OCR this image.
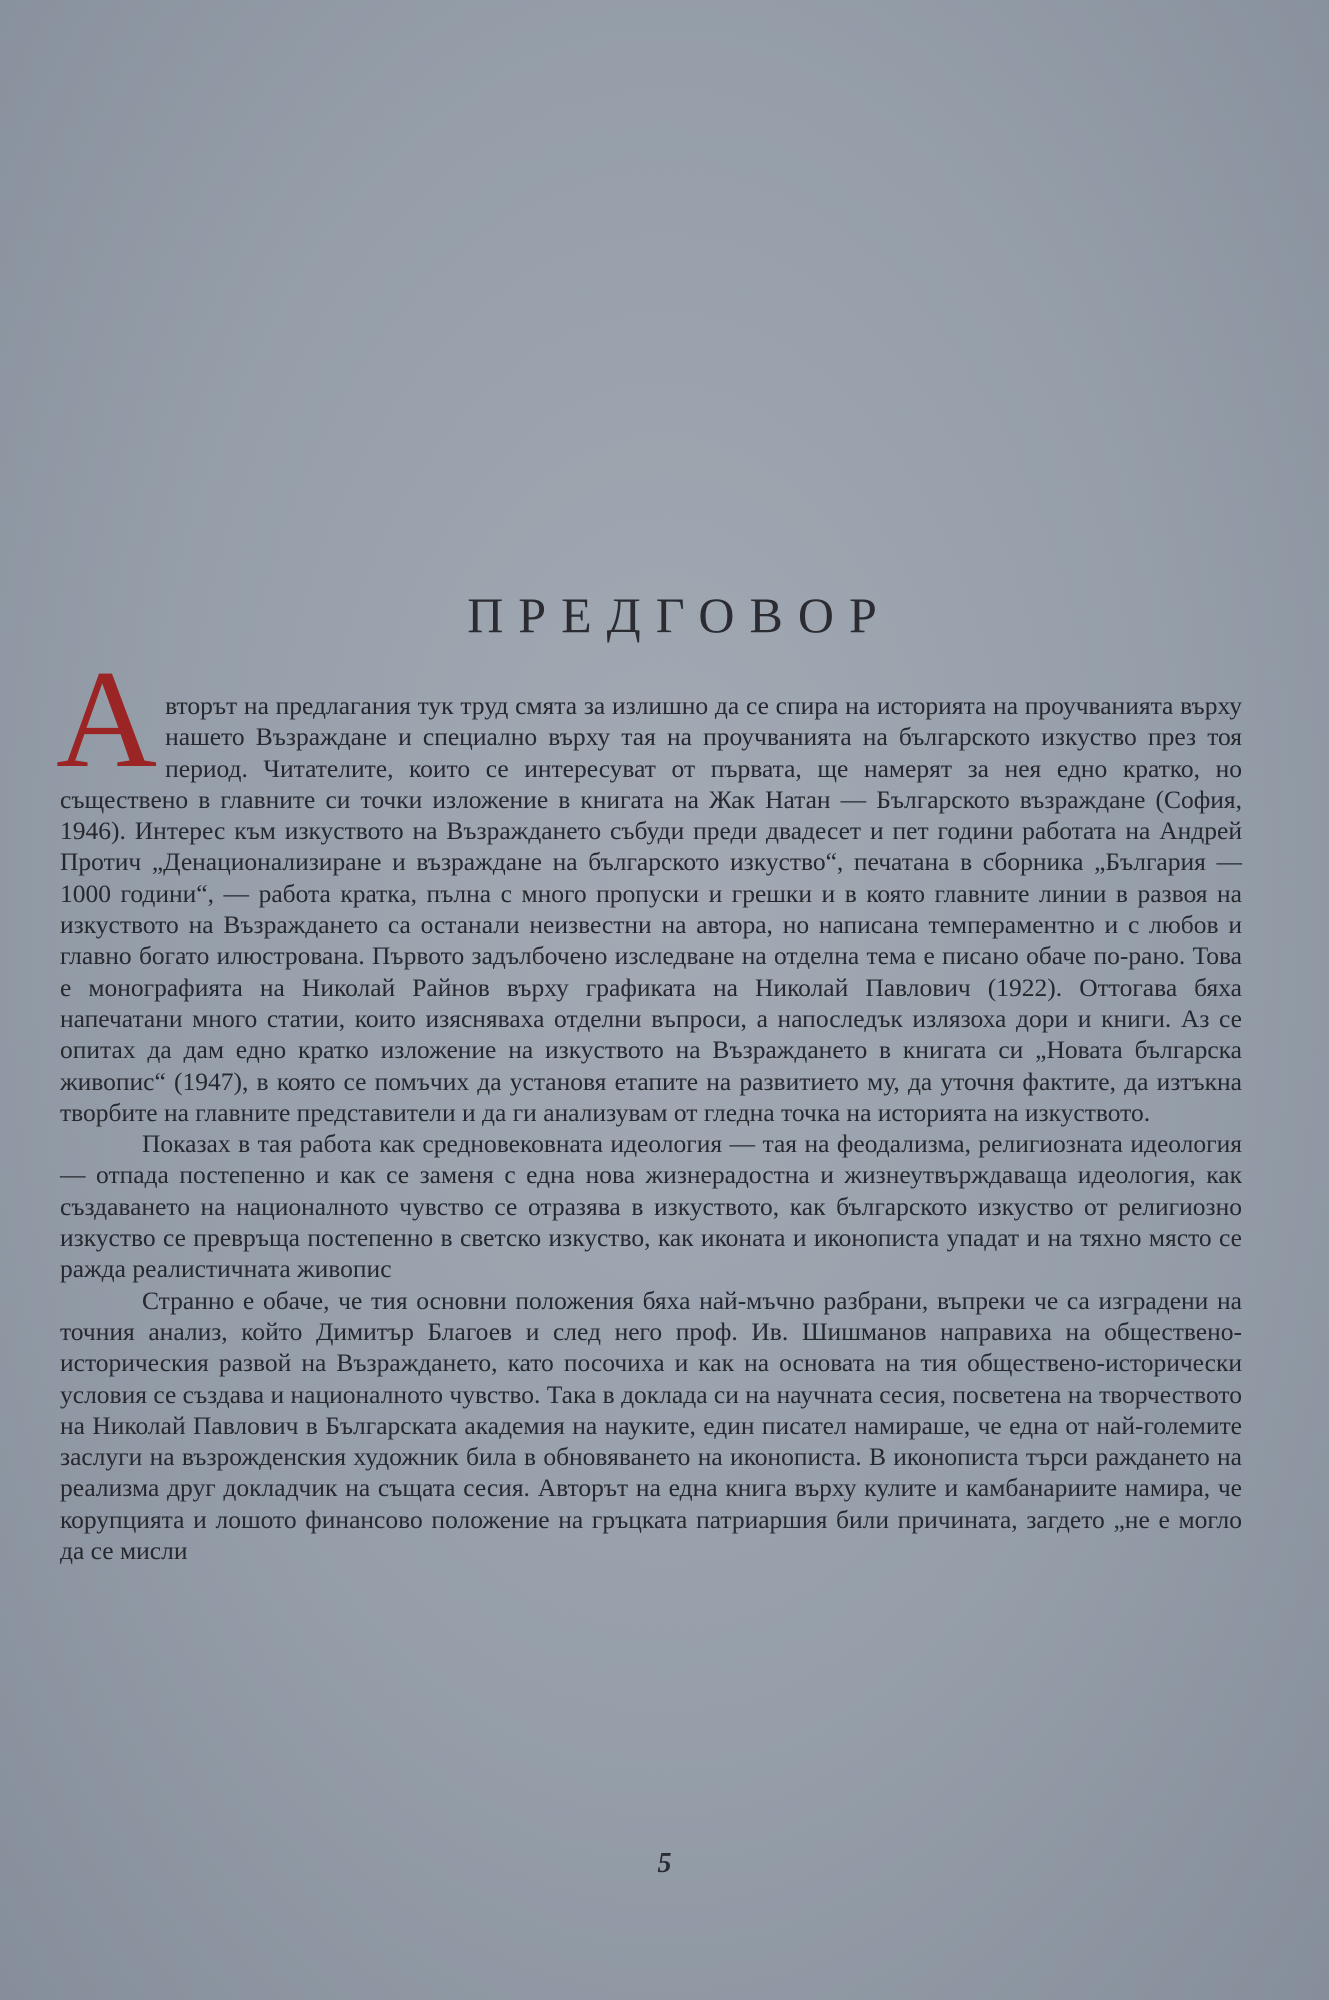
ПРЕДГОВОР

Авторът на предлагания тук труд смята за излишно да се спира на историята на проучванията върху нашето Възраждане и специално върху тая на проучванията на българското изкуство през тоя период. Читателите, които се интересуват от първата, ще намерят за нея едно кратко, но съществено в главните си точки изложение в книгата на Жак Натан — Българското възраждане (София, 1946). Интерес към изкуството на Възраждането събуди преди двадесет и пет години работата на Андрей Протич „Денационализиране и възраждане на българското изкуство“, печатана в сборника „България — 1000 години“, — работа кратка, пълна с много пропуски и грешки и в която главните линии в развоя на изкуството на Възраждането са останали неизвестни на автора, но написана темпераментно и с любов и главно богато илюстрована. Първото задълбочено изследване на отделна тема е писано обаче по-рано. Това е монографията на Николай Райнов върху графиката на Николай Павлович (1922). Оттогава бяха напечатани много статии, които изясняваха отделни въпроси, а напоследък излязоха дори и книги. Аз се опитах да дам едно кратко изложение на изкуството на Възраждането в книгата си „Новата българска живопис“ (1947), в която се помъчих да установя етапите на развитието му, да уточня фактите, да изтъкна творбите на главните представители и да ги анализувам от гледна точка на историята на изкуството.

Показах в тая работа как средновековната идеология — тая на феодализма, религиозната идеология — отпада постепенно и как се заменя с една нова жизнерадостна и жизнеутвърждаваща идеология, как създаването на националното чувство се отразява в изкуството, как българското изкуство от религиозно изкуство се превръща постепенно в светско изкуство, как иконата и иконописта упадат и на тяхно място се ражда реалистичната живопис

Странно е обаче, че тия основни положения бяха най-мъчно разбрани, въпреки че са изградени на точния анализ, който Димитър Благоев и след него проф. Ив. Шишманов направиха на обществено-историческия развой на Възраждането, като посочиха и как на основата на тия обществено-исторически условия се създава и националното чувство. Така в доклада си на научната сесия, посветена на творчеството на Николай Павлович в Българската академия на науките, един писател намираше, че една от най-големите заслуги на възрожденския художник била в обновяването на иконописта. В иконописта търси раждането на реализма друг докладчик на същата сесия. Авторът на една книга върху кулите и камбанариите намира, че корупцията и лошото финансово положение на гръцката патриаршия били причината, загдето „не е могло да се мисли

5
